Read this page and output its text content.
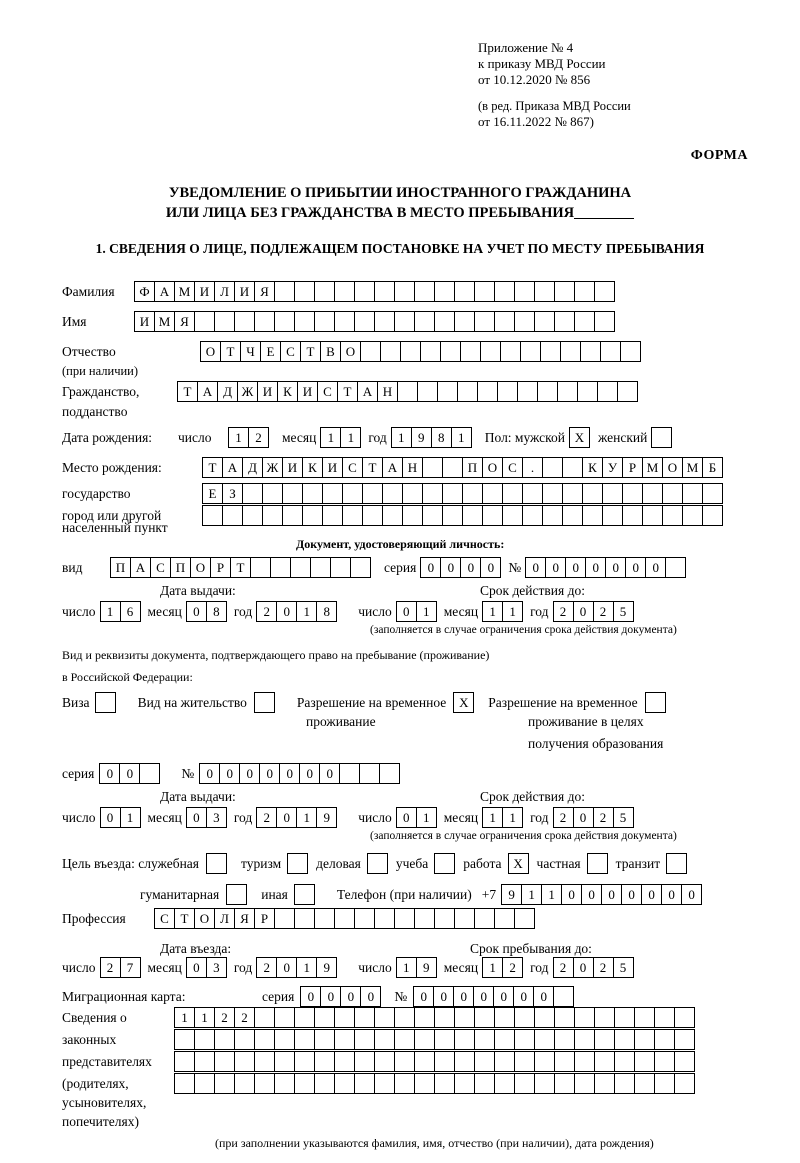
Приложение № 4
к приказу МВД России
от 10.12.2020 № 856
(в ред. Приказа МВД России
от 16.11.2022 № 867)
ФОРМА
УВЕДОМЛЕНИЕ О ПРИБЫТИИ ИНОСТРАННОГО ГРАЖДАНИНА
ИЛИ ЛИЦА БЕЗ ГРАЖДАНСТВА В МЕСТО ПРЕБЫВАНИЯ
1. СВЕДЕНИЯ О ЛИЦЕ, ПОДЛЕЖАЩЕМ ПОСТАНОВКЕ НА УЧЕТ ПО МЕСТУ ПРЕБЫВАНИЯ
Фамилия	Ф А М И Л И Я
Имя	И М Я
Отчество	О Т Ч Е С Т В О
(при наличии)
Гражданство,	Т А Д Ж И К И С Т А Н
подданство
Дата рождения:	число	1	2	месяц 1	1	год 1	9	8	1	Пол: мужской X	женский
Место рождения:	Т А Д Ж И К И С Т А Н	П О С	.	К У Р М О М Б
государство	Е З
город или другой
населенный пункт
Документ, удостоверяющий личность:
вид	П А С П О Р Т	серия 0	0	0	0	№ 0	0	0	0	0	0	0
Дата выдачи:	Срок действия до:
число 1	6	месяц 0	8	год 2	0	1	8	число 0	1	месяц 1	1	год 2	0	2	5
(заполняется в случае ограничения срока действия документа)
Вид и реквизиты документа, подтверждающего право на пребывание (проживание)
в Российской Федерации:
Виза	Вид на жительство	Разрешение на временное X	Разрешение на временное
проживание	проживание в целях
получения образования
серия 0	0	№ 0	0	0	0	0	0	0
Дата выдачи:	Срок действия до:
число 0	1	месяц 0	3	год 2	0	1	9	число 0	1	месяц 1	1	год 2	0	2	5
(заполняется в случае ограничения срока действия документа)
Цель въезда: служебная	туризм	деловая	учеба	работа X	частная	транзит
гуманитарная	иная	Телефон (при наличии) +7 9	1	1	0	0	0	0	0	0	0
Профессия	С Т О Л Я Р
Дата въезда:	Срок пребывания до:
число 2	7	месяц 0	3	год 2	0	1	9	число 1	9	месяц 1	2	год 2	0	2	5
Миграционная карта:	серия	0	0	0	0	№	0	0	0	0	0	0	0
Сведения о	1	1	2	2
законных
представителях
(родителях,
усыновителях,
попечителях)
(при заполнении указываются фамилия, имя, отчество (при наличии), дата рождения)
